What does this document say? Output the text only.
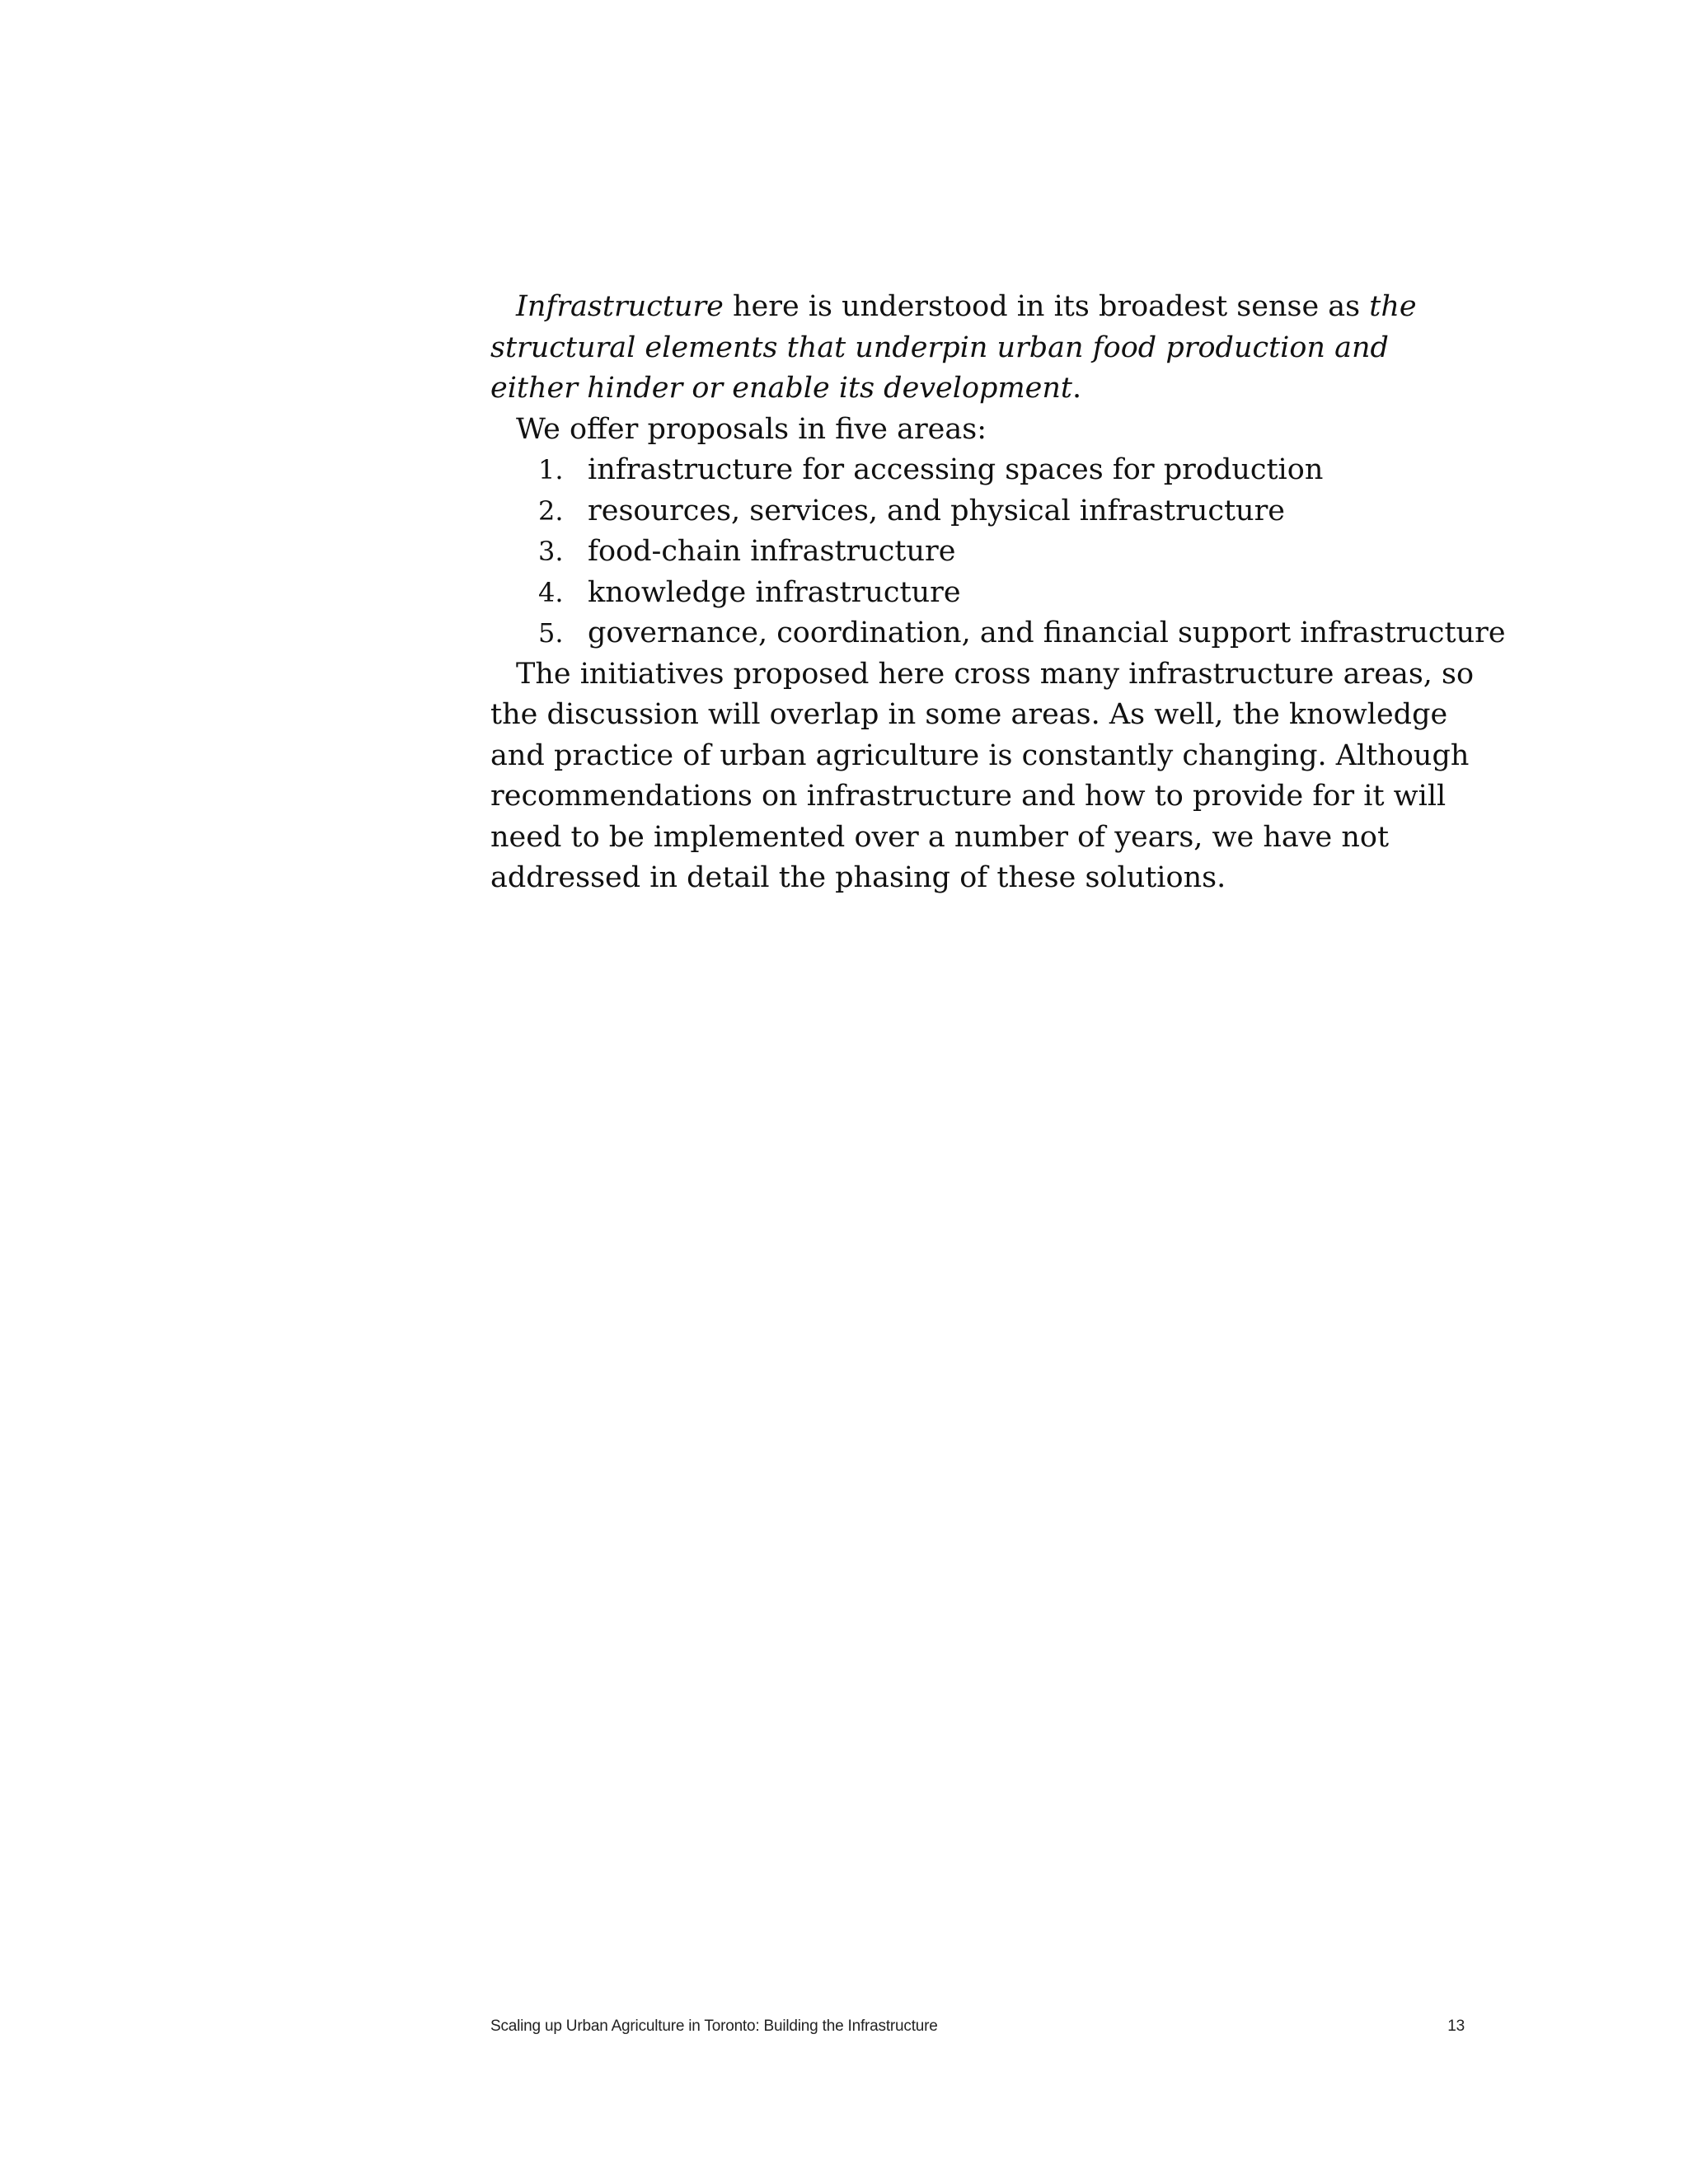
Infrastructure here is understood in its broadest sense as the structural elements that underpin urban food production and either hinder or enable its development.

We offer proposals in five areas:

1. infrastructure for accessing spaces for production
2. resources, services, and physical infrastructure
3. food-chain infrastructure
4. knowledge infrastructure
5. governance, coordination, and financial support infrastructure

The initiatives proposed here cross many infrastructure areas, so the discussion will overlap in some areas. As well, the knowledge and practice of urban agriculture is constantly changing. Although recommendations on infrastructure and how to provide for it will need to be implemented over a number of years, we have not addressed in detail the phasing of these solutions.

Scaling up Urban Agriculture in Toronto: Building the Infrastructure	13
